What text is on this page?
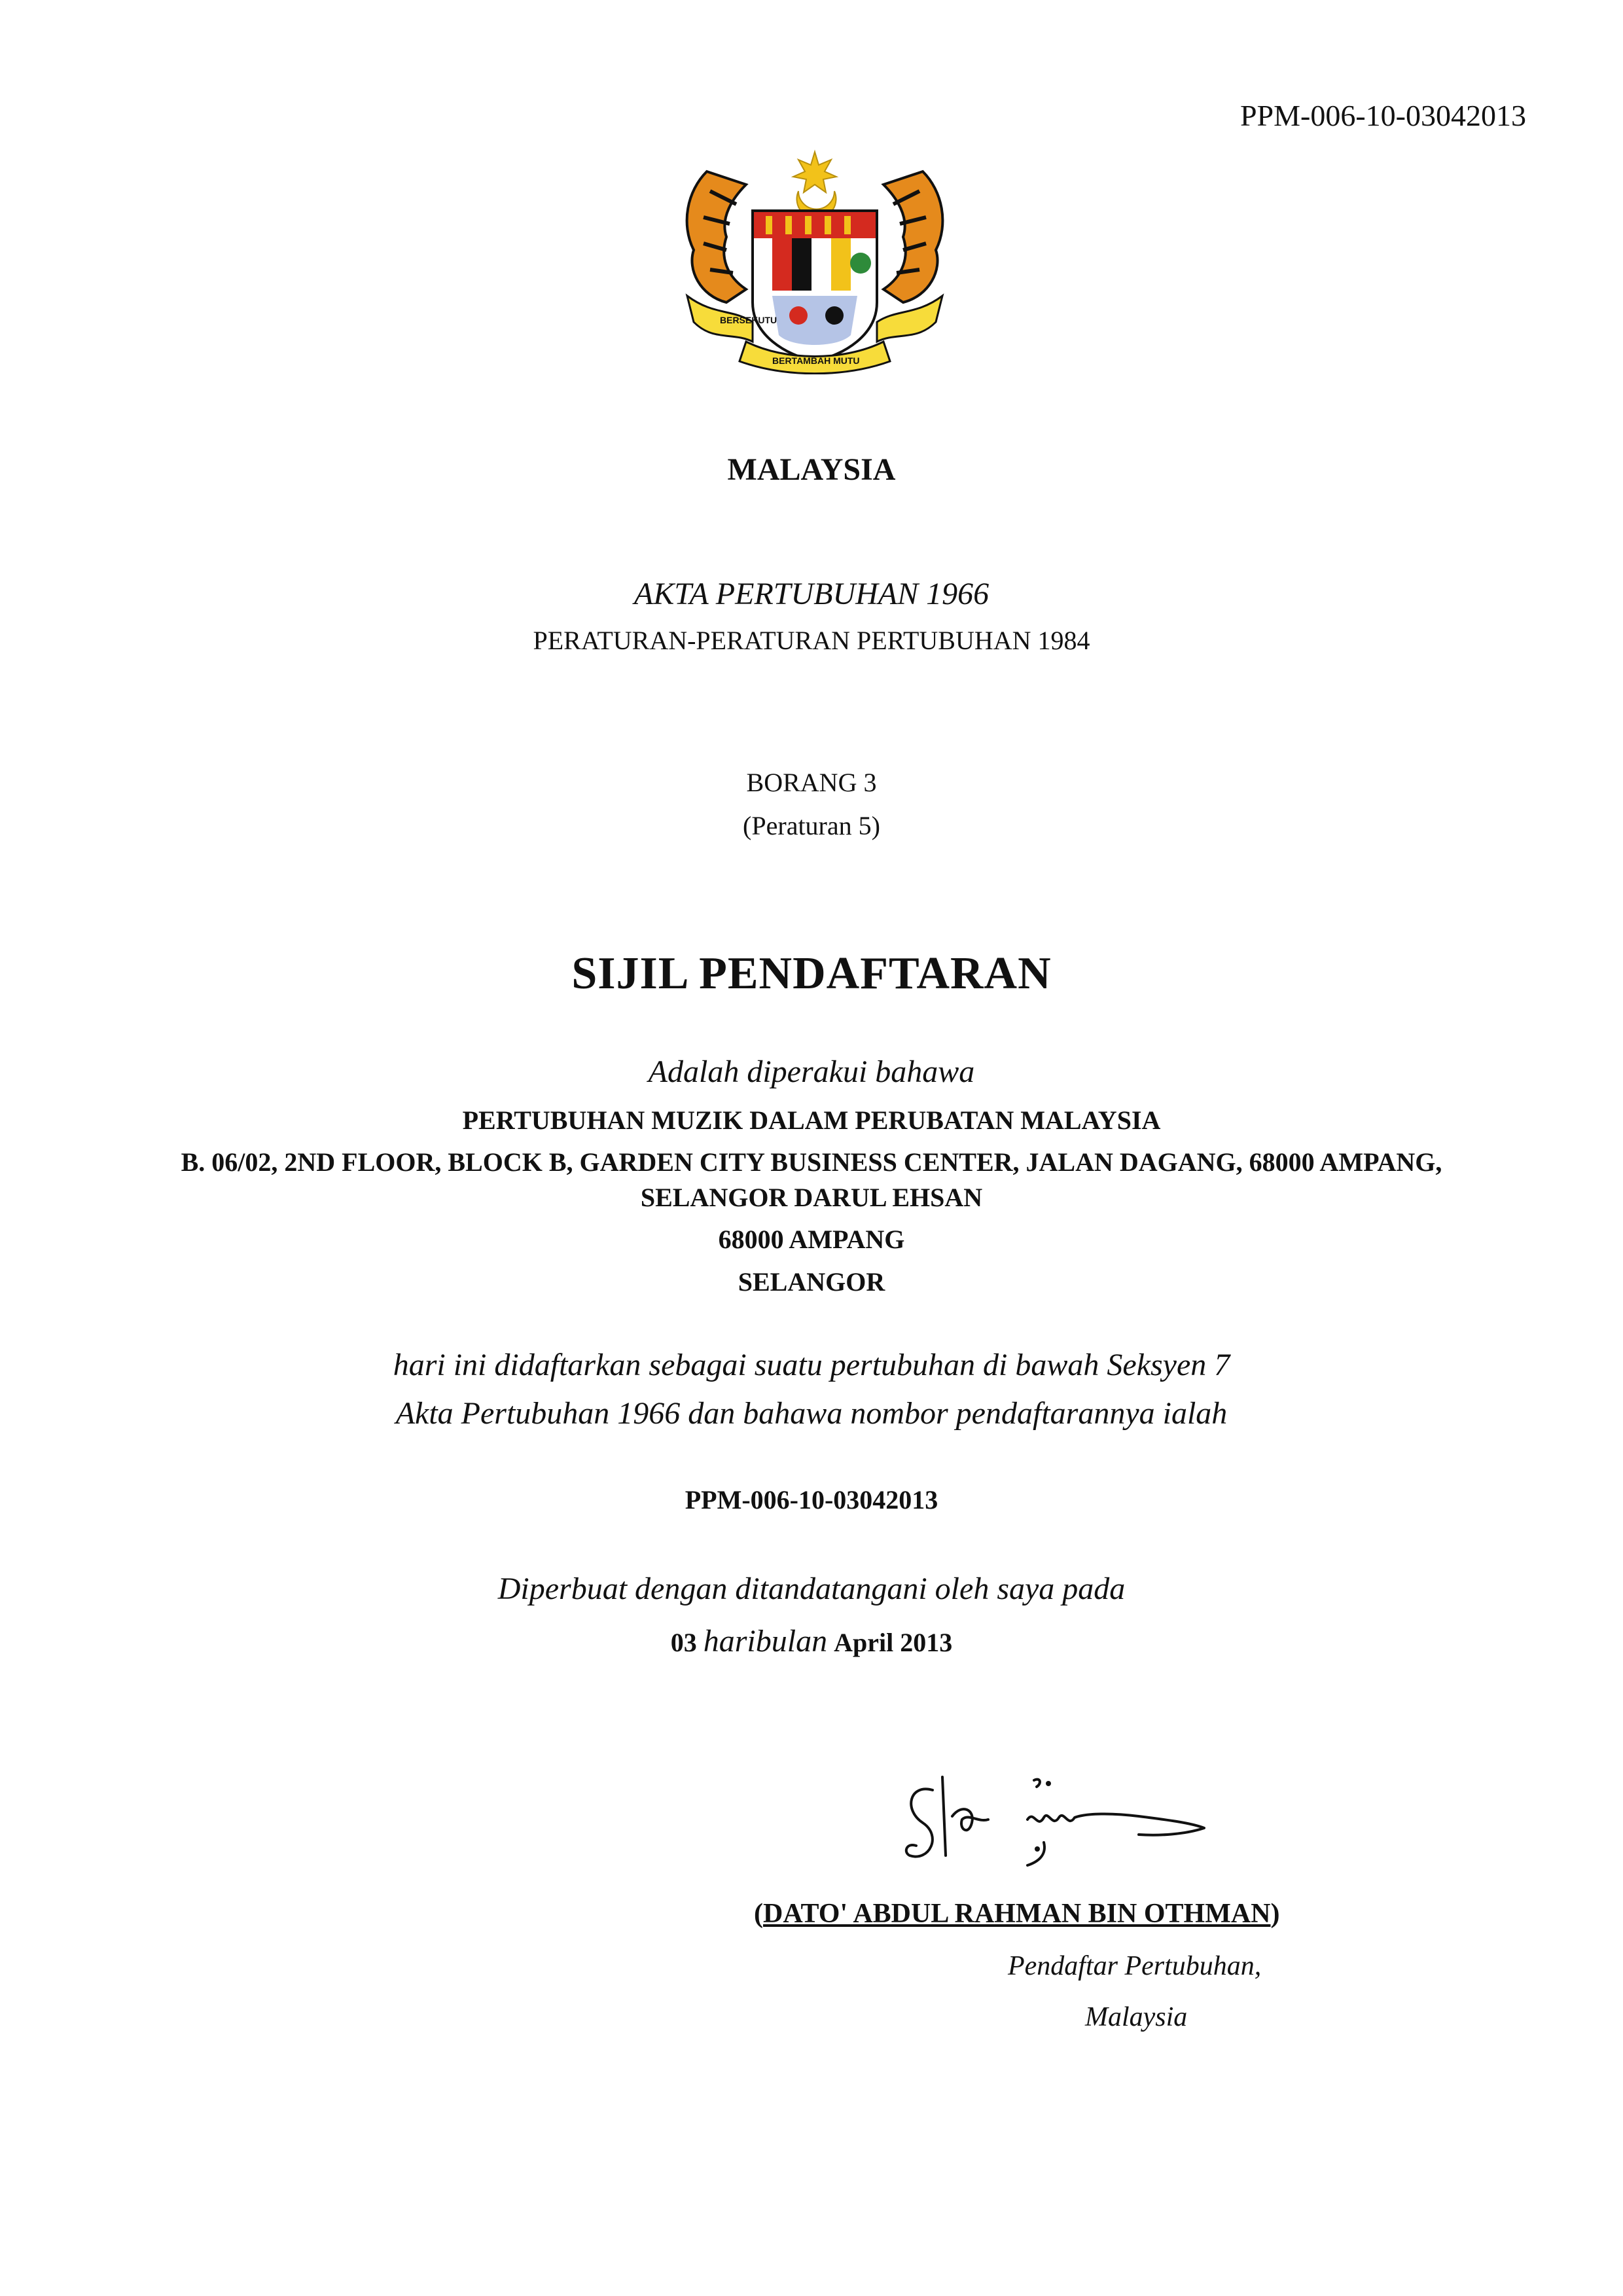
PPM-006-10-03042013
BERSEKUTU
BERTAMBAH MUTU
MALAYSIA
AKTA PERTUBUHAN 1966
PERATURAN-PERATURAN PERTUBUHAN 1984
BORANG 3
(Peraturan 5)
SIJIL PENDAFTARAN
Adalah diperakui bahawa
PERTUBUHAN MUZIK DALAM PERUBATAN MALAYSIA
B. 06/02, 2ND FLOOR, BLOCK B, GARDEN CITY BUSINESS CENTER, JALAN DAGANG, 68000 AMPANG,
SELANGOR DARUL EHSAN
68000 AMPANG
SELANGOR
hari ini didaftarkan sebagai suatu pertubuhan di bawah Seksyen 7
Akta Pertubuhan 1966 dan bahawa nombor pendaftarannya ialah
PPM-006-10-03042013
Diperbuat dengan ditandatangani oleh saya pada
03 haribulan April 2013
(DATO' ABDUL RAHMAN BIN OTHMAN)
Pendaftar Pertubuhan,
Malaysia
